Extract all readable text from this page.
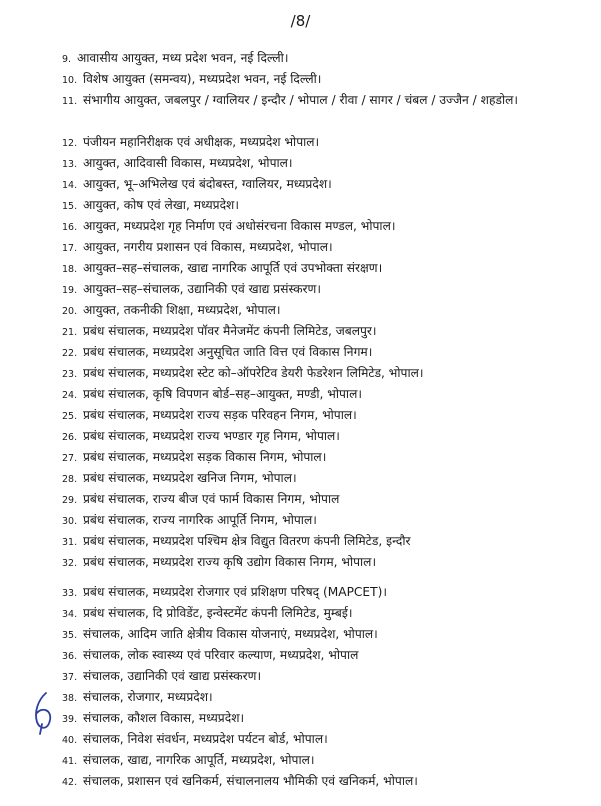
/8/
9. आवासीय आयुक्त, मध्य प्रदेश भवन, नई दिल्ली।
10. विशेष आयुक्त (समन्वय), मध्यप्रदेश भवन, नई दिल्ली।
11. संभागीय आयुक्त, जबलपुर / ग्वालियर / इन्दौर / भोपाल / रीवा / सागर / चंबल / उज्जैन / शहडोल।
12. पंजीयन महानिरीक्षक एवं अधीक्षक, मध्यप्रदेश भोपाल।
13. आयुक्त, आदिवासी विकास, मध्यप्रदेश, भोपाल।
14. आयुक्त, भू–अभिलेख एवं बंदोबस्त, ग्वालियर, मध्यप्रदेश।
15. आयुक्त, कोष एवं लेखा, मध्यप्रदेश।
16. आयुक्त, मध्यप्रदेश गृह निर्माण एवं अधोसंरचना विकास मण्डल, भोपाल।
17. आयुक्त, नगरीय प्रशासन एवं विकास, मध्यप्रदेश, भोपाल।
18. आयुक्त–सह–संचालक, खाद्य नागरिक आपूर्ति एवं उपभोक्ता संरक्षण।
19. आयुक्त–सह–संचालक, उद्यानिकी एवं खाद्य प्रसंस्करण।
20. आयुक्त, तकनीकी शिक्षा, मध्यप्रदेश, भोपाल।
21. प्रबंध संचालक, मध्यप्रदेश पॉवर मैनेजमेंट कंपनी लिमिटेड, जबलपुर।
22. प्रबंध संचालक, मध्यप्रदेश अनुसूचित जाति वित्त एवं विकास निगम।
23. प्रबंध संचालक, मध्यप्रदेश स्टेट को–ऑपरेटिव डेयरी फेडरेशन लिमिटेड, भोपाल।
24. प्रबंध संचालक, कृषि विपणन बोर्ड–सह–आयुक्त, मण्डी, भोपाल।
25. प्रबंध संचालक, मध्यप्रदेश राज्य सड़क परिवहन निगम, भोपाल।
26. प्रबंध संचालक, मध्यप्रदेश राज्य भण्डार गृह निगम, भोपाल।
27. प्रबंध संचालक, मध्यप्रदेश सड़क विकास निगम, भोपाल।
28. प्रबंध संचालक, मध्यप्रदेश खनिज निगम, भोपाल।
29. प्रबंध संचालक, राज्य बीज एवं फार्म विकास निगम, भोपाल
30. प्रबंध संचालक, राज्य नागरिक आपूर्ति निगम, भोपाल।
31. प्रबंध संचालक, मध्यप्रदेश पश्चिम क्षेत्र विद्युत वितरण कंपनी लिमिटेड, इन्दौर
32. प्रबंध संचालक, मध्यप्रदेश राज्य कृषि उद्योग विकास निगम, भोपाल।
33. प्रबंध संचालक, मध्यप्रदेश रोजगार एवं प्रशिक्षण परिषद् (MAPCET)।
34. प्रबंध संचालक, दि प्रोविडेंट, इन्वेस्टमेंट कंपनी लिमिटेड, मुम्बई।
35. संचालक, आदिम जाति क्षेत्रीय विकास योजनाएं, मध्यप्रदेश, भोपाल।
36. संचालक, लोक स्वास्थ्य एवं परिवार कल्याण, मध्यप्रदेश, भोपाल
37. संचालक, उद्यानिकी एवं खाद्य प्रसंस्करण।
38. संचालक, रोजगार, मध्यप्रदेश।
39. संचालक, कौशल विकास, मध्यप्रदेश।
40. संचालक, निवेश संवर्धन, मध्यप्रदेश पर्यटन बोर्ड, भोपाल।
41. संचालक, खाद्य, नागरिक आपूर्ति, मध्यप्रदेश, भोपाल।
42. संचालक, प्रशासन एवं खनिकर्म, संचालनालय भौमिकी एवं खनिकर्म, भोपाल।
